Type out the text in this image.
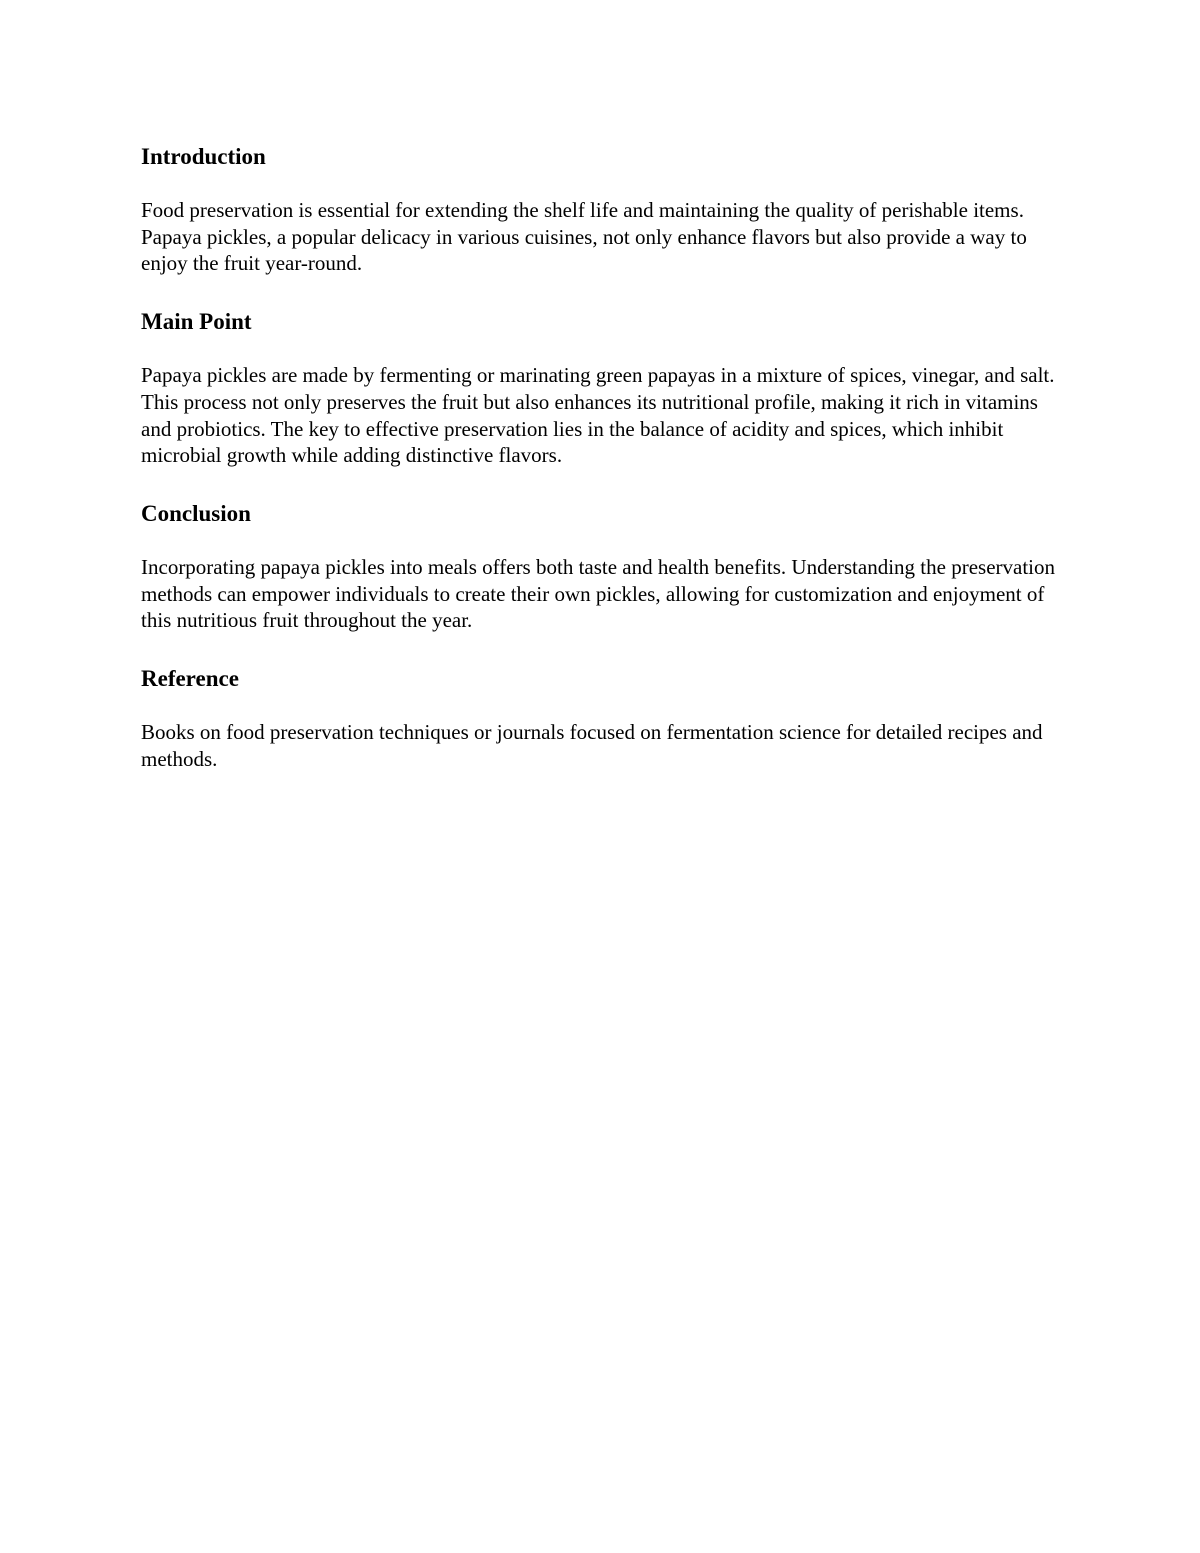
Introduction

Food preservation is essential for extending the shelf life and maintaining the quality of perishable items. Papaya pickles, a popular delicacy in various cuisines, not only enhance flavors but also provide a way to enjoy the fruit year-round.

Main Point

Papaya pickles are made by fermenting or marinating green papayas in a mixture of spices, vinegar, and salt. This process not only preserves the fruit but also enhances its nutritional profile, making it rich in vitamins and probiotics. The key to effective preservation lies in the balance of acidity and spices, which inhibit microbial growth while adding distinctive flavors.

Conclusion

Incorporating papaya pickles into meals offers both taste and health benefits. Understanding the preservation methods can empower individuals to create their own pickles, allowing for customization and enjoyment of this nutritious fruit throughout the year.

Reference

Books on food preservation techniques or journals focused on fermentation science for detailed recipes and methods.
